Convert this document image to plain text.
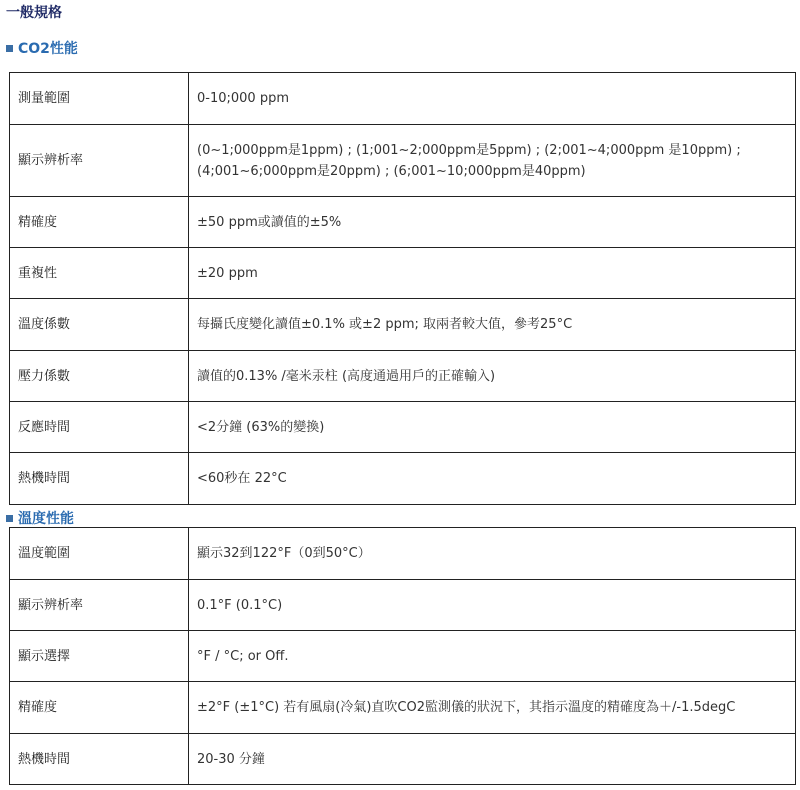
一般規格
CO2性能
測量範圍	0-10;000 ppm
顯示辨析率	(0~1;000ppm是1ppm) ; (1;001~2;000ppm是5ppm) ; (2;001~4;000ppm 是10ppm) ;
(4;001~6;000ppm是20ppm) ; (6;001~10;000ppm是40ppm)

精確度	±50 ppm或讀值的±5%
重複性	±20 ppm
溫度係數	每攝氏度變化讀值±0.1% 或±2 ppm; 取兩者較大值，參考25°C
壓力係數	讀值的0.13% /毫米汞柱 (高度通過用戶的正確輸入)
反應時間	<2分鐘 (63%的變換)
熱機時間	<60秒在 22°C
溫度性能
溫度範圍	顯示32到122°F（0到50°C）
顯示辨析率	0.1°F (0.1°C)
顯示選擇	°F / °C; or Off.
精確度	±2°F (±1°C) 若有風扇(冷氣)直吹CO2監測儀的狀況下，其指示溫度的精確度為＋/-1.5degC
熱機時間	20-30 分鐘
